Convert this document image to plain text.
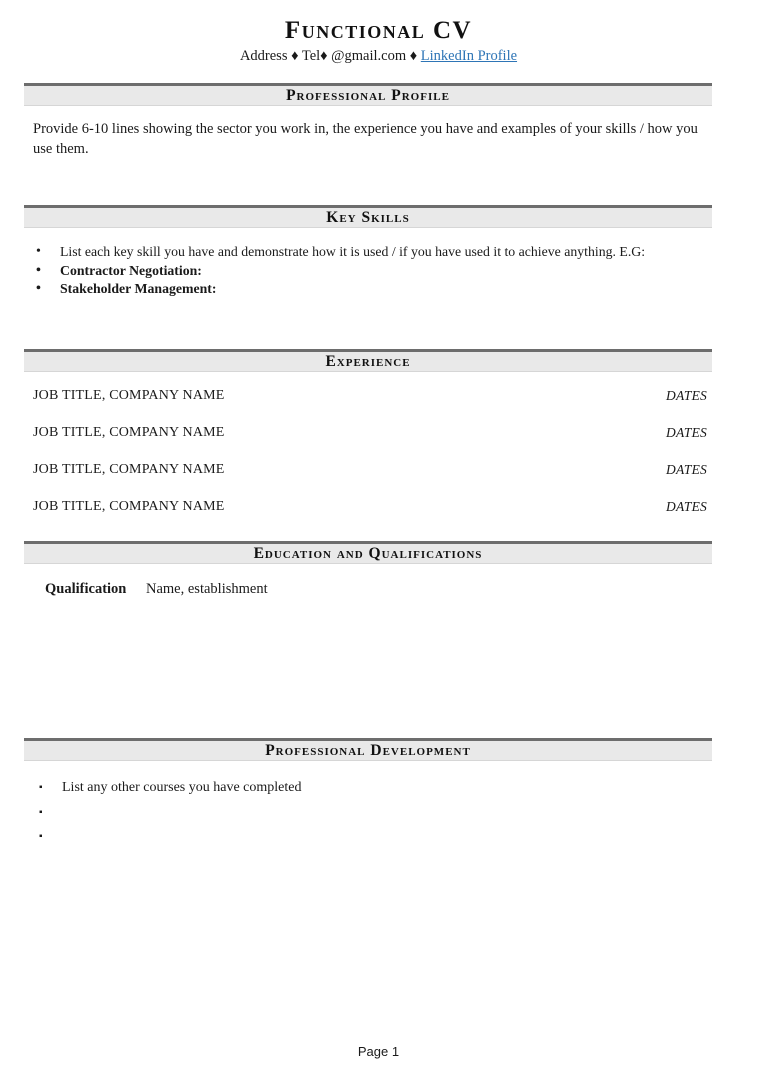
Functional CV
Address ♦ Tel♦ @gmail.com ♦ LinkedIn Profile
Professional Profile

Provide 6-10 lines showing the sector you work in, the experience you have and examples of your skills / how you use them.

Key Skills
List each key skill you have and demonstrate how it is used / if you have used it to achieve anything. E.G:
Contractor Negotiation:
Stakeholder Management:
Experience
JOB TITLE, COMPANY NAME	DATES
JOB TITLE, COMPANY NAME	DATES
JOB TITLE, COMPANY NAME	DATES
JOB TITLE, COMPANY NAME	DATES
Education and Qualifications
Qualification Name, establishment
Professional Development
List any other courses you have completed
Page 1
